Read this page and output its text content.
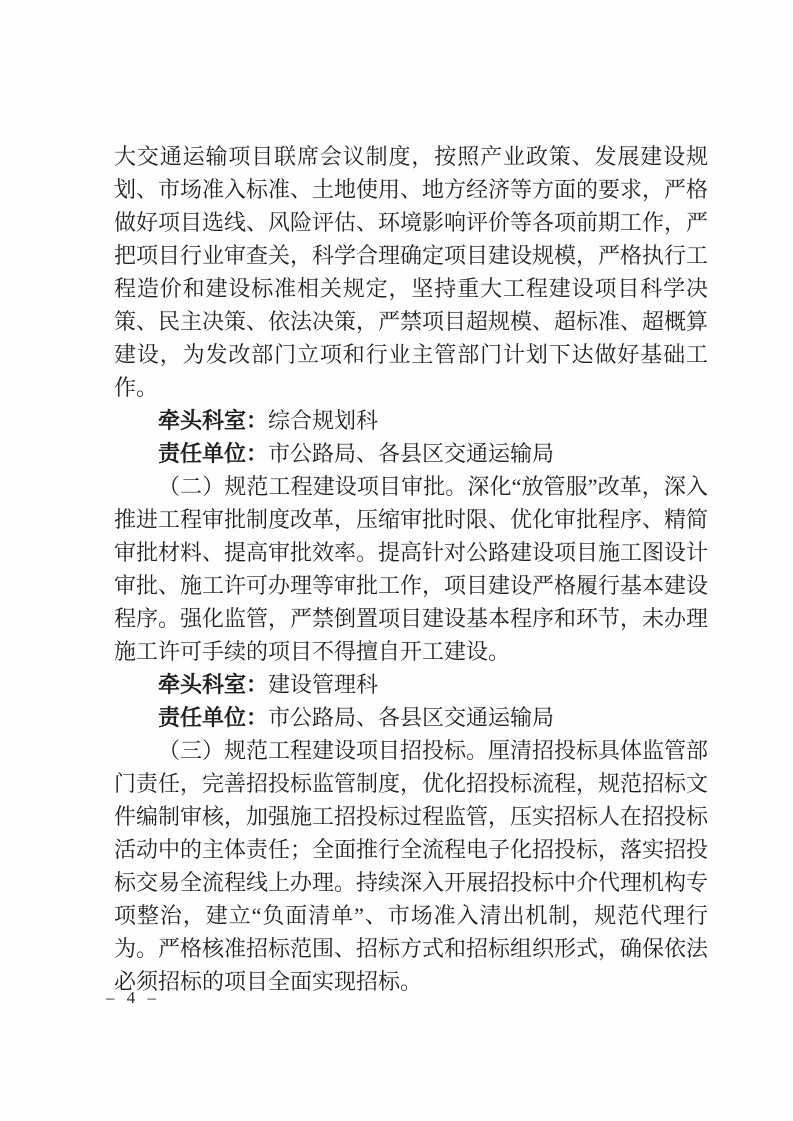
大交通运输项目联席会议制度，按照产业政策、发展建设规划、市场准入标准、土地使用、地方经济等方面的要求，严格做好项目选线、风险评估、环境影响评价等各项前期工作，严把项目行业审查关，科学合理确定项目建设规模，严格执行工程造价和建设标准相关规定，坚持重大工程建设项目科学决策、民主决策、依法决策，严禁项目超规模、超标准、超概算建设，为发改部门立项和行业主管部门计划下达做好基础工作。

牵头科室：综合规划科

责任单位：市公路局、各县区交通运输局

（二）规范工程建设项目审批。深化“放管服”改革，深入推进工程审批制度改革，压缩审批时限、优化审批程序、精简审批材料、提高审批效率。提高针对公路建设项目施工图设计审批、施工许可办理等审批工作，项目建设严格履行基本建设程序。强化监管，严禁倒置项目建设基本程序和环节，未办理施工许可手续的项目不得擅自开工建设。

牵头科室：建设管理科

责任单位：市公路局、各县区交通运输局

（三）规范工程建设项目招投标。厘清招投标具体监管部门责任，完善招投标监管制度，优化招投标流程，规范招标文件编制审核，加强施工招投标过程监管，压实招标人在招投标活动中的主体责任；全面推行全流程电子化招投标，落实招投标交易全流程线上办理。持续深入开展招投标中介代理机构专项整治，建立“负面清单”、市场准入清出机制，规范代理行为。严格核准招标范围、招标方式和招标组织形式，确保依法必须招标的项目全面实现招标。

– 4 –
